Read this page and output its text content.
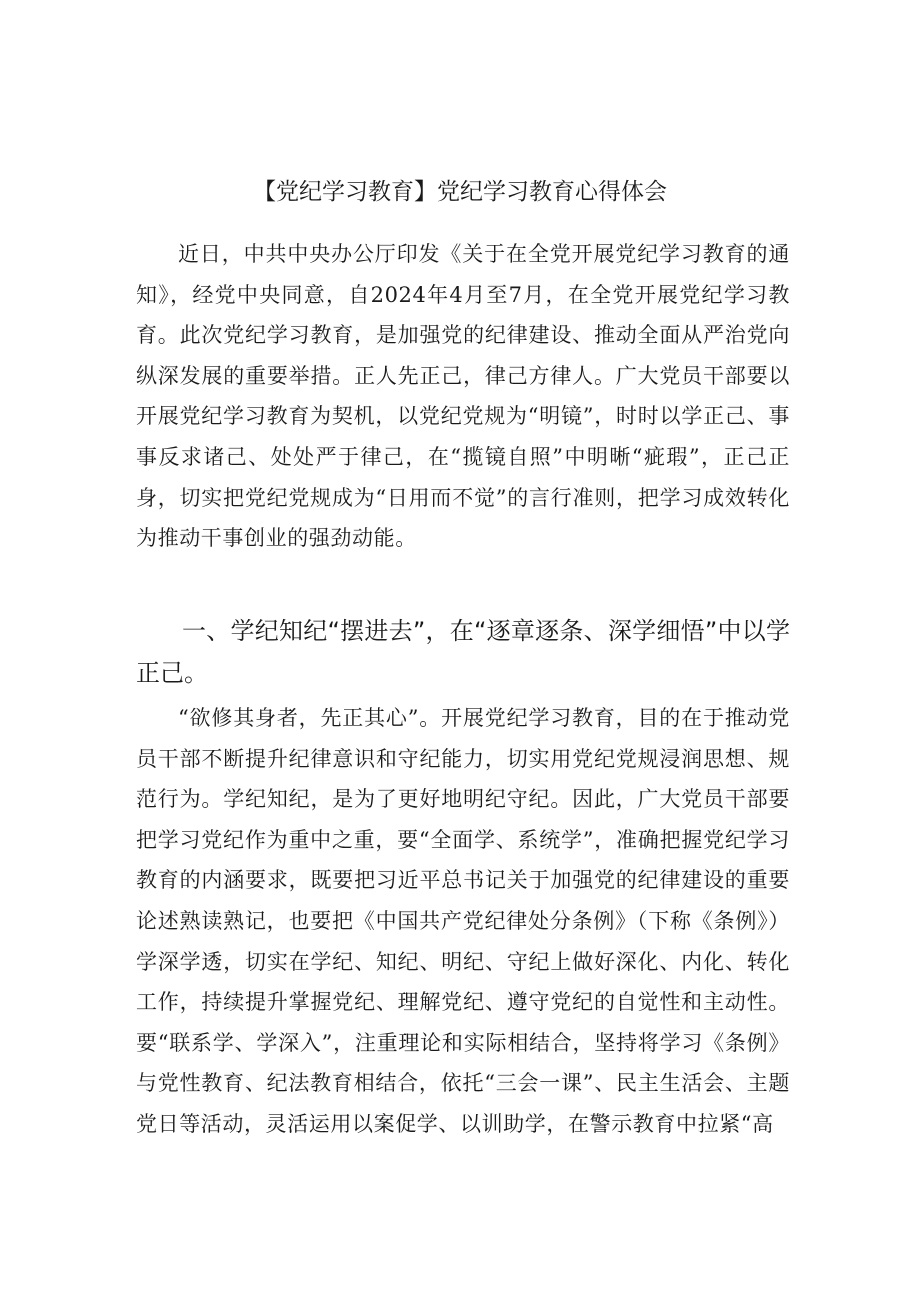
【党纪学习教育】党纪学习教育心得体会

近日，中共中央办公厅印发《关于在全党开展党纪学习教育的通知》，经党中央同意，自2024年4月至7月，在全党开展党纪学习教育。此次党纪学习教育，是加强党的纪律建设、推动全面从严治党向纵深发展的重要举措。正人先正己，律己方律人。广大党员干部要以开展党纪学习教育为契机，以党纪党规为“明镜”，时时以学正己、事事反求诸己、处处严于律己，在“揽镜自照”中明晰“疵瑕”，正己正身，切实把党纪党规成为“日用而不觉”的言行准则，把学习成效转化为推动干事创业的强劲动能。

一、学纪知纪“摆进去”，在“逐章逐条、深学细悟”中以学正己。

“欲修其身者，先正其心”。开展党纪学习教育，目的在于推动党员干部不断提升纪律意识和守纪能力，切实用党纪党规浸润思想、规范行为。学纪知纪，是为了更好地明纪守纪。因此，广大党员干部要把学习党纪作为重中之重，要“全面学、系统学”，准确把握党纪学习教育的内涵要求，既要把习近平总书记关于加强党的纪律建设的重要论述熟读熟记，也要把《中国共产党纪律处分条例》（下称《条例》）学深学透，切实在学纪、知纪、明纪、守纪上做好深化、内化、转化工作，持续提升掌握党纪、理解党纪、遵守党纪的自觉性和主动性。要“联系学、学深入”，注重理论和实际相结合，坚持将学习《条例》与党性教育、纪法教育相结合，依托“三会一课”、民主生活会、主题党日等活动，灵活运用以案促学、以训助学，在警示教育中拉紧“高
